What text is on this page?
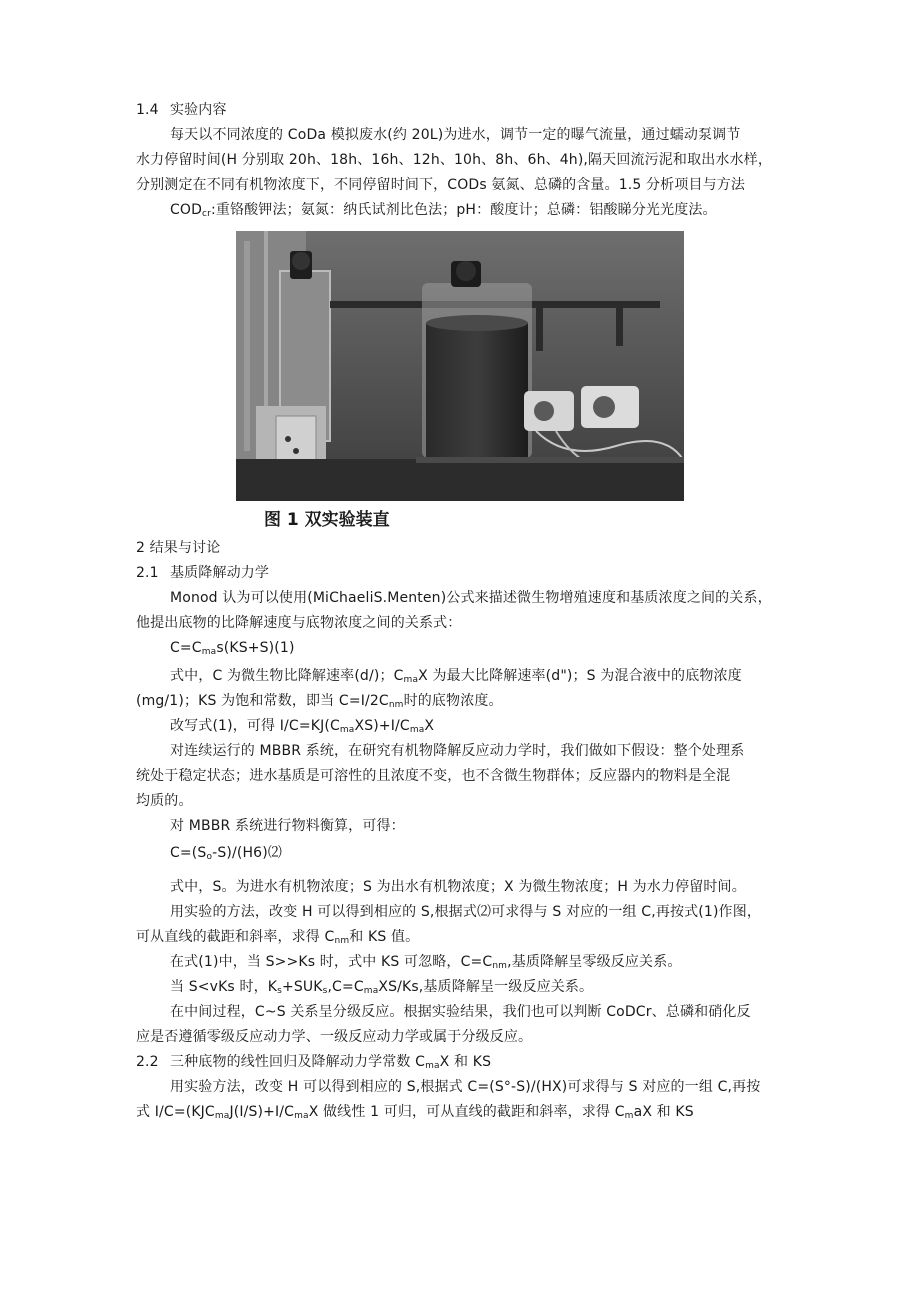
1.4 实验内容
每天以不同浓度的 CoDa 模拟废水(约 20L)为进水，调节一定的曝气流量，通过蠕动泵调节
水力停留时间(H 分别取 20h、18h、16h、12h、10h、8h、6h、4h),隔天回流污泥和取出水水样，
分别测定在不同有机物浓度下，不同停留时间下，CODs 氨氮、总磷的含量。1.5 分析项目与方法
$COD_{cr}$:重铬酸钾法；氨氮：纳氏试剂比色法；pH：酸度计；总磷：铝酸睇分光光度法。
图 1 双实验装直
2 结果与讨论
2.1 基质降解动力学
Monod 认为可以使用(MiChaeliS.Menten)公式来描述微生物增殖速度和基质浓度之间的关系，
他提出底物的比降解速度与底物浓度之间的关系式：
$C=C_{ma}s(KS+S)(1)$
式中，C 为微生物比降解速率(d/)；$C_{ma}X$ 为最大比降解速率(d")；S 为混合液中的底物浓度
(mg/1)；KS 为饱和常数，即当 $C=I/2C_{nm}$时的底物浓度。
改写式(1)，可得 $I/C=KJ(C_{ma}XS)+I/C_{ma}X$
对连续运行的 MBBR 系统，在研究有机物降解反应动力学时，我们做如下假设：整个处理系
统处于稳定状态；进水基质是可溶性的且浓度不变，也不含微生物群体；反应器内的物料是全混
均质的。
对 MBBR 系统进行物料衡算，可得：
$C=(S_o-S)/(H6)⑵$
式中，S。为进水有机物浓度；S 为出水有机物浓度；X 为微生物浓度；H 为水力停留时间。
用实验的方法，改变 H 可以得到相应的 S,根据式⑵可求得与 S 对应的一组 C,再按式(1)作图，
可从直线的截距和斜率，求得 $C_{nm}$和 KS 值。
在式(1)中，当 S>>Ks 时，式中 KS 可忽略，$C=C_{nm}$,基质降解呈零级反应关系。
当 S<vKs 时，$K_s+SUK_s,C=C_{ma}XS/Ks$,基质降解呈一级反应关系。
在中间过程，C~S 关系呈分级反应。根据实验结果，我们也可以判断 CoDCr、总磷和硝化反
应是否遵循零级反应动力学、一级反应动力学或属于分级反应。
2.2 三种底物的线性回归及降解动力学常数 $C_{ma}X$ 和 KS
用实验方法，改变 H 可以得到相应的 S,根据式 C=(S°-S)/(HX)可求得与 S 对应的一组 C,再按
式 $I/C=(KJC_{ma}J(I/S)+I/C_{ma}X$ 做线性 1 可归，可从直线的截距和斜率，求得 $C_maX$ 和 KS
